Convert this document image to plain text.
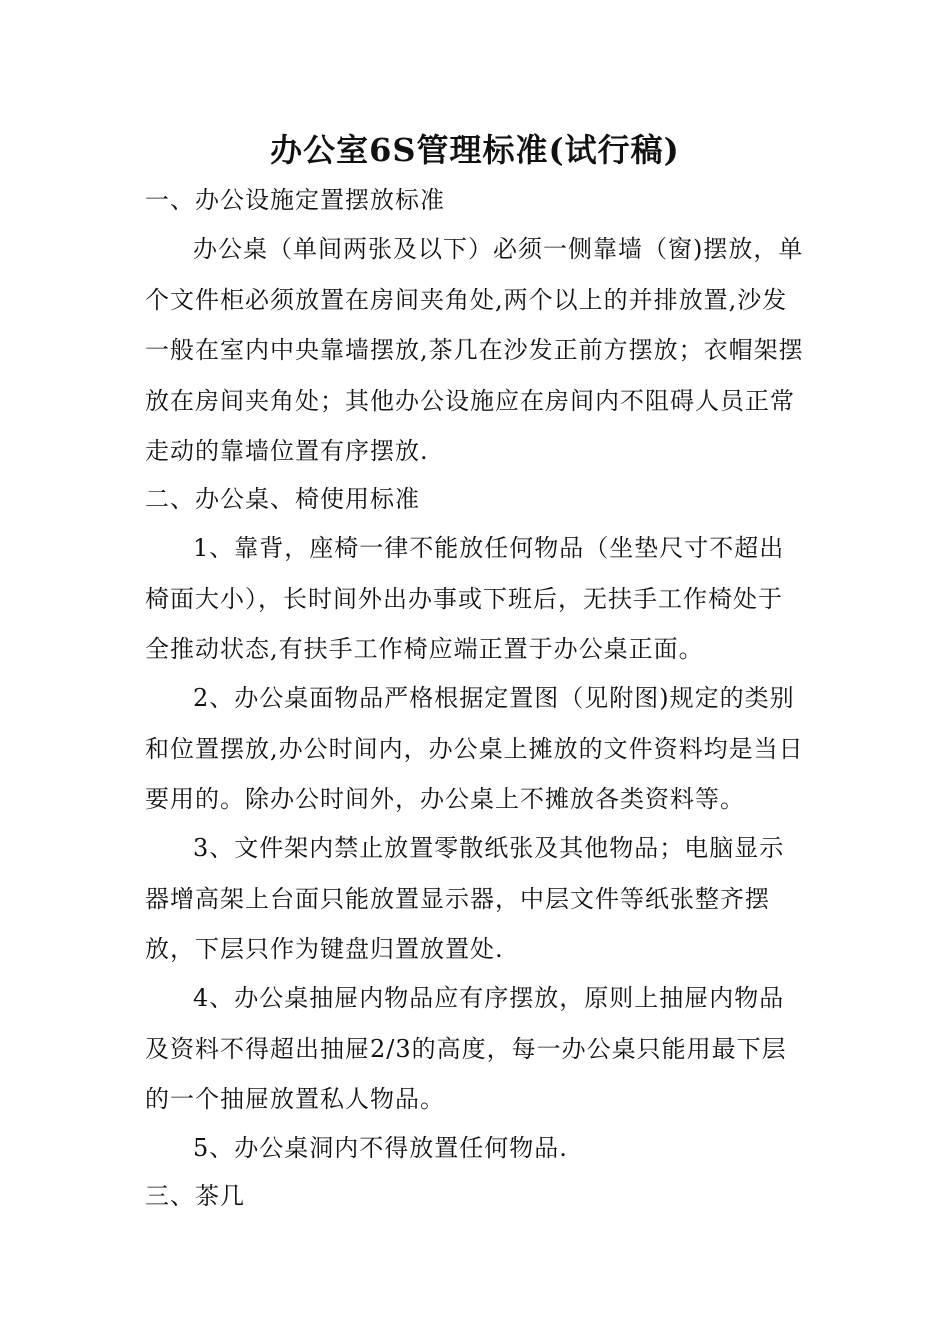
办公室6S管理标准(试行稿)
一、办公设施定置摆放标准
办公桌（单间两张及以下）必须一侧靠墙（窗)摆放，单个文件柜必须放置在房间夹角处,两个以上的并排放置,沙发一般在室内中央靠墙摆放,茶几在沙发正前方摆放；衣帽架摆放在房间夹角处；其他办公设施应在房间内不阻碍人员正常走动的靠墙位置有序摆放.
二、办公桌、椅使用标准
1、靠背，座椅一律不能放任何物品（坐垫尺寸不超出椅面大小），长时间外出办事或下班后，无扶手工作椅处于全推动状态,有扶手工作椅应端正置于办公桌正面。
2、办公桌面物品严格根据定置图（见附图)规定的类别和位置摆放,办公时间内，办公桌上摊放的文件资料均是当日要用的。除办公时间外，办公桌上不摊放各类资料等。
3、文件架内禁止放置零散纸张及其他物品；电脑显示器增高架上台面只能放置显示器，中层文件等纸张整齐摆放，下层只作为键盘归置放置处.
4、办公桌抽屉内物品应有序摆放，原则上抽屉内物品及资料不得超出抽屉2/3的高度，每一办公桌只能用最下层的一个抽屉放置私人物品。
5、办公桌洞内不得放置任何物品.
三、茶几
